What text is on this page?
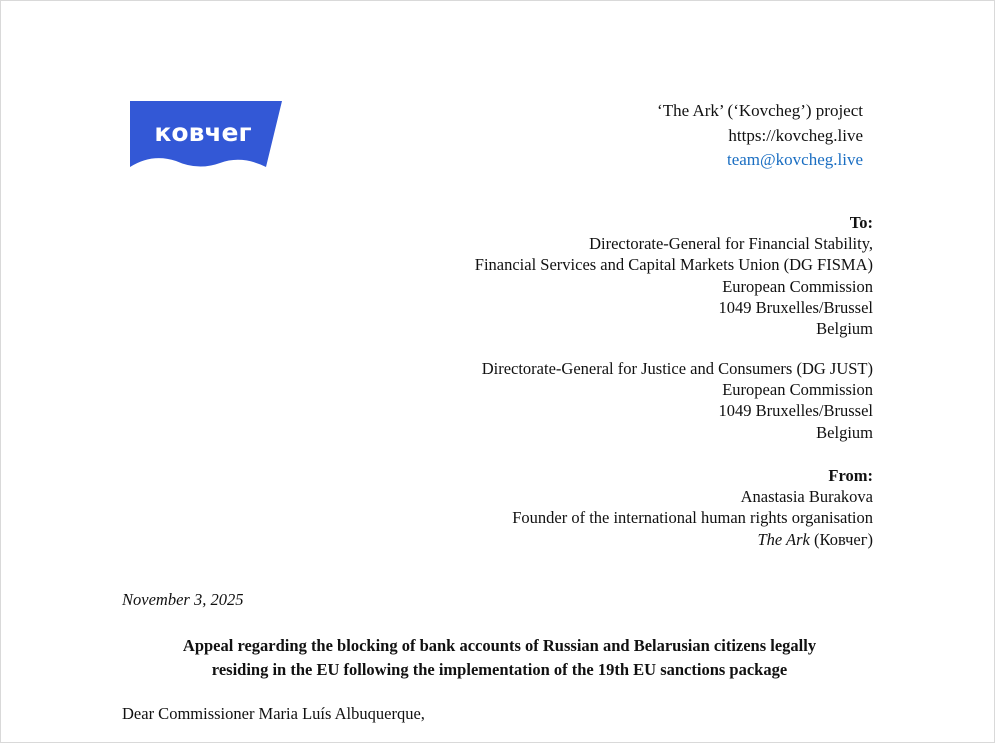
ковчег
‘The Ark’ (‘Kovcheg’) project
https://kovcheg.live
team@kovcheg.live
To:
Directorate-General for Financial Stability,
Financial Services and Capital Markets Union (DG FISMA)
European Commission
1049 Bruxelles/Brussel
Belgium
Directorate-General for Justice and Consumers (DG JUST)
European Commission
1049 Bruxelles/Brussel
Belgium
From:
Anastasia Burakova
Founder of the international human rights organisation
The Ark (Ковчег)
November 3, 2025
Appeal regarding the blocking of bank accounts of Russian and Belarusian citizens legally
residing in the EU following the implementation of the 19th EU sanctions package
Dear Commissioner Maria Luís Albuquerque,
